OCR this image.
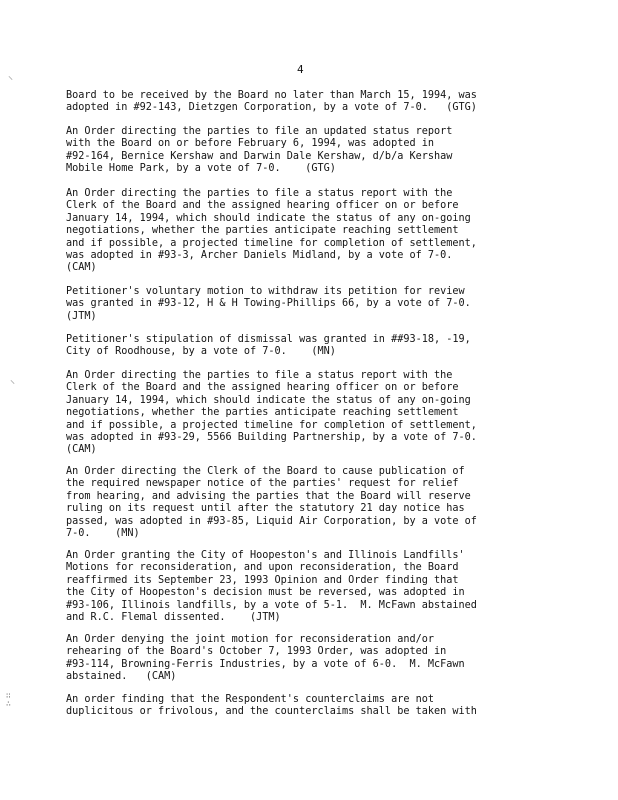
⸜
⸜
∷
∴
4

Board to be received by the Board no later than March 15, 1994, was
adopted in #92-143, Dietzgen Corporation, by a vote of 7-0.   (GTG)

An Order directing the parties to file an updated status report
with the Board on or before February 6, 1994, was adopted in
#92-164, Bernice Kershaw and Darwin Dale Kershaw, d/b/a Kershaw
Mobile Home Park, by a vote of 7-0.    (GTG)

An Order directing the parties to file a status report with the
Clerk of the Board and the assigned hearing officer on or before
January 14, 1994, which should indicate the status of any on-going
negotiations, whether the parties anticipate reaching settlement
and if possible, a projected timeline for completion of settlement,
was adopted in #93-3, Archer Daniels Midland, by a vote of 7-0.
(CAM)

Petitioner's voluntary motion to withdraw its petition for review
was granted in #93-12, H & H Towing-Phillips 66, by a vote of 7-0.
(JTM)

Petitioner's stipulation of dismissal was granted in ##93-18, -19,
City of Roodhouse, by a vote of 7-0.    (MN)

An Order directing the parties to file a status report with the
Clerk of the Board and the assigned hearing officer on or before
January 14, 1994, which should indicate the status of any on-going
negotiations, whether the parties anticipate reaching settlement
and if possible, a projected timeline for completion of settlement,
was adopted in #93-29, 5566 Building Partnership, by a vote of 7-0.
(CAM)

An Order directing the Clerk of the Board to cause publication of
the required newspaper notice of the parties' request for relief
from hearing, and advising the parties that the Board will reserve
ruling on its request until after the statutory 21 day notice has
passed, was adopted in #93-85, Liquid Air Corporation, by a vote of
7-0.    (MN)

An Order granting the City of Hoopeston's and Illinois Landfills'
Motions for reconsideration, and upon reconsideration, the Board
reaffirmed its September 23, 1993 Opinion and Order finding that
the City of Hoopeston's decision must be reversed, was adopted in
#93-106, Illinois landfills, by a vote of 5-1.  M. McFawn abstained
and R.C. Flemal dissented.    (JTM)

An Order denying the joint motion for reconsideration and/or
rehearing of the Board's October 7, 1993 Order, was adopted in
#93-114, Browning-Ferris Industries, by a vote of 6-0.  M. McFawn
abstained.   (CAM)

An order finding that the Respondent's counterclaims are not
duplicitous or frivolous, and the counterclaims shall be taken with
